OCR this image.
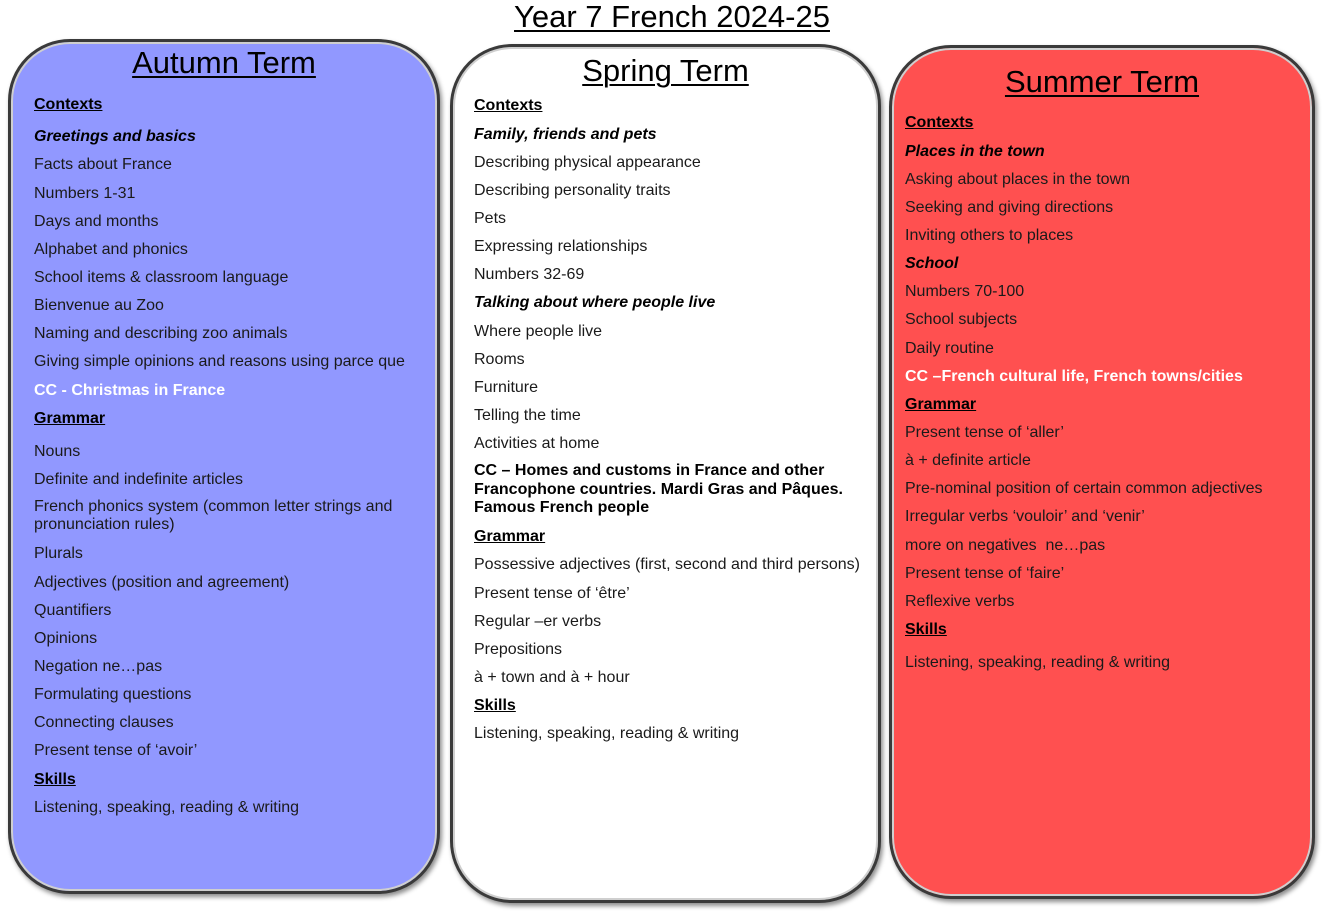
Year 7 French 2024-25
Autumn Term
Contexts
Greetings and basics
Facts about France
Numbers 1-31
Days and months
Alphabet and phonics
School items & classroom language
Bienvenue au Zoo
Naming and describing zoo animals
Giving simple opinions and reasons using parce que
CC - Christmas in France
Grammar
Nouns
Definite and indefinite articles
French phonics system (common letter strings and pronunciation rules)
Plurals
Adjectives (position and agreement)
Quantifiers
Opinions
Negation ne…pas
Formulating questions
Connecting clauses
Present tense of ‘avoir’
Skills
Listening, speaking, reading & writing
Spring Term
Contexts
Family, friends and pets
Describing physical appearance
Describing personality traits
Pets
Expressing relationships
Numbers 32-69
Talking about where people live
Where people live
Rooms
Furniture
Telling the time
Activities at home
CC – Homes and customs in France and other Francophone countries. Mardi Gras and Pâques. Famous French people
Grammar
Possessive adjectives (first, second and third persons)
Present tense of ‘être’
Regular –er verbs
Prepositions
à + town and à + hour
Skills
Listening, speaking, reading & writing
Summer Term
Contexts
Places in the town
Asking about places in the town
Seeking and giving directions
Inviting others to places
School
Numbers 70-100
School subjects
Daily routine
CC –French cultural life, French towns/cities
Grammar
Present tense of ‘aller’
à + definite article
Pre-nominal position of certain common adjectives
Irregular verbs ‘vouloir’ and ‘venir’
more on negatives  ne…pas
Present tense of ‘faire’
Reflexive verbs
Skills
Listening, speaking, reading & writing
